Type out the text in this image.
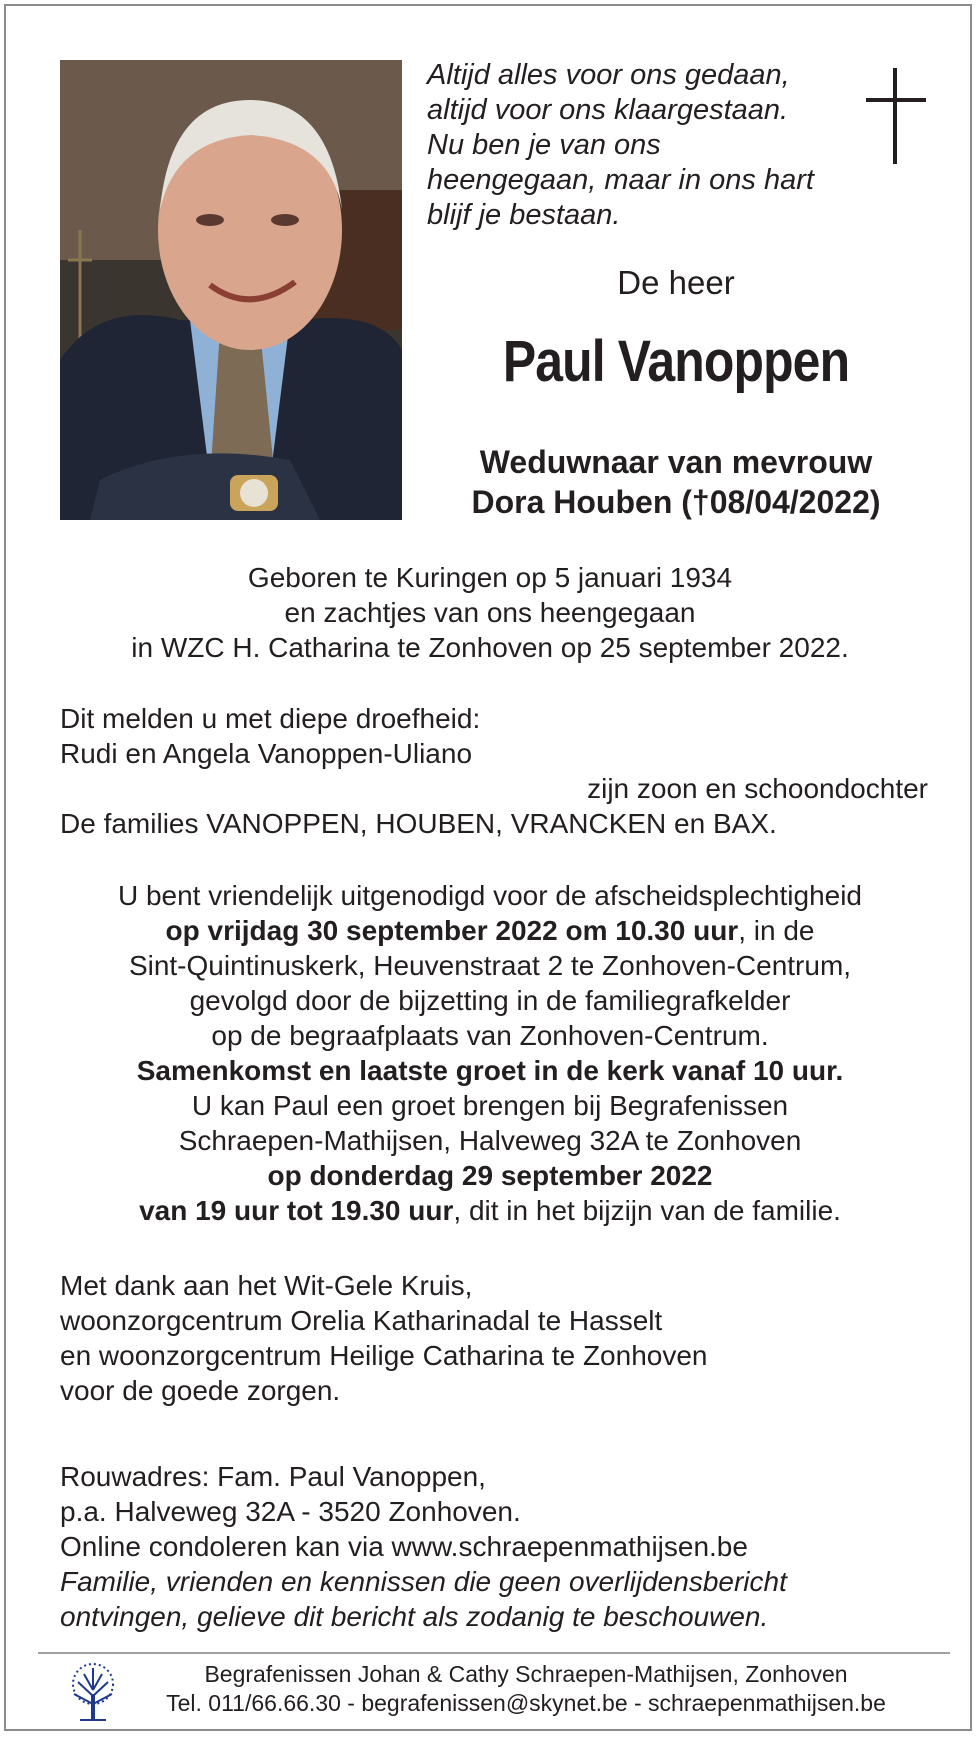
Altijd alles voor ons gedaan,
altijd voor ons klaargestaan.
Nu ben je van ons
heengegaan, maar in ons hart
blijf je bestaan.
De heer
Paul Vanoppen
Weduwnaar van mevrouw
Dora Houben (†08/04/2022)
Geboren te Kuringen op 5 januari 1934
en zachtjes van ons heengegaan
in WZC H. Catharina te Zonhoven op 25 september 2022.
Dit melden u met diepe droefheid:
Rudi en Angela Vanoppen-Uliano
zijn zoon en schoondochter
De families VANOPPEN, HOUBEN, VRANCKEN en BAX.
U bent vriendelijk uitgenodigd voor de afscheidsplechtigheid
op vrijdag 30 september 2022 om 10.30 uur, in de
Sint-Quintinuskerk, Heuvenstraat 2 te Zonhoven-Centrum,
gevolgd door de bijzetting in de familiegrafkelder
op de begraafplaats van Zonhoven-Centrum.
Samenkomst en laatste groet in de kerk vanaf 10 uur.
U kan Paul een groet brengen bij Begrafenissen
Schraepen-Mathijsen, Halveweg 32A te Zonhoven
op donderdag 29 september 2022
van 19 uur tot 19.30 uur, dit in het bijzijn van de familie.
Met dank aan het Wit-Gele Kruis,
woonzorgcentrum Orelia Katharinadal te Hasselt
en woonzorgcentrum Heilige Catharina te Zonhoven
voor de goede zorgen.
Rouwadres: Fam. Paul Vanoppen,
p.a. Halveweg 32A - 3520 Zonhoven.
Online condoleren kan via www.schraepenmathijsen.be
Familie, vrienden en kennissen die geen overlijdensbericht
ontvingen, gelieve dit bericht als zodanig te beschouwen.
Begrafenissen Johan & Cathy Schraepen-Mathijsen, Zonhoven
Tel. 011/66.66.30 - begrafenissen@skynet.be - schraepenmathijsen.be
